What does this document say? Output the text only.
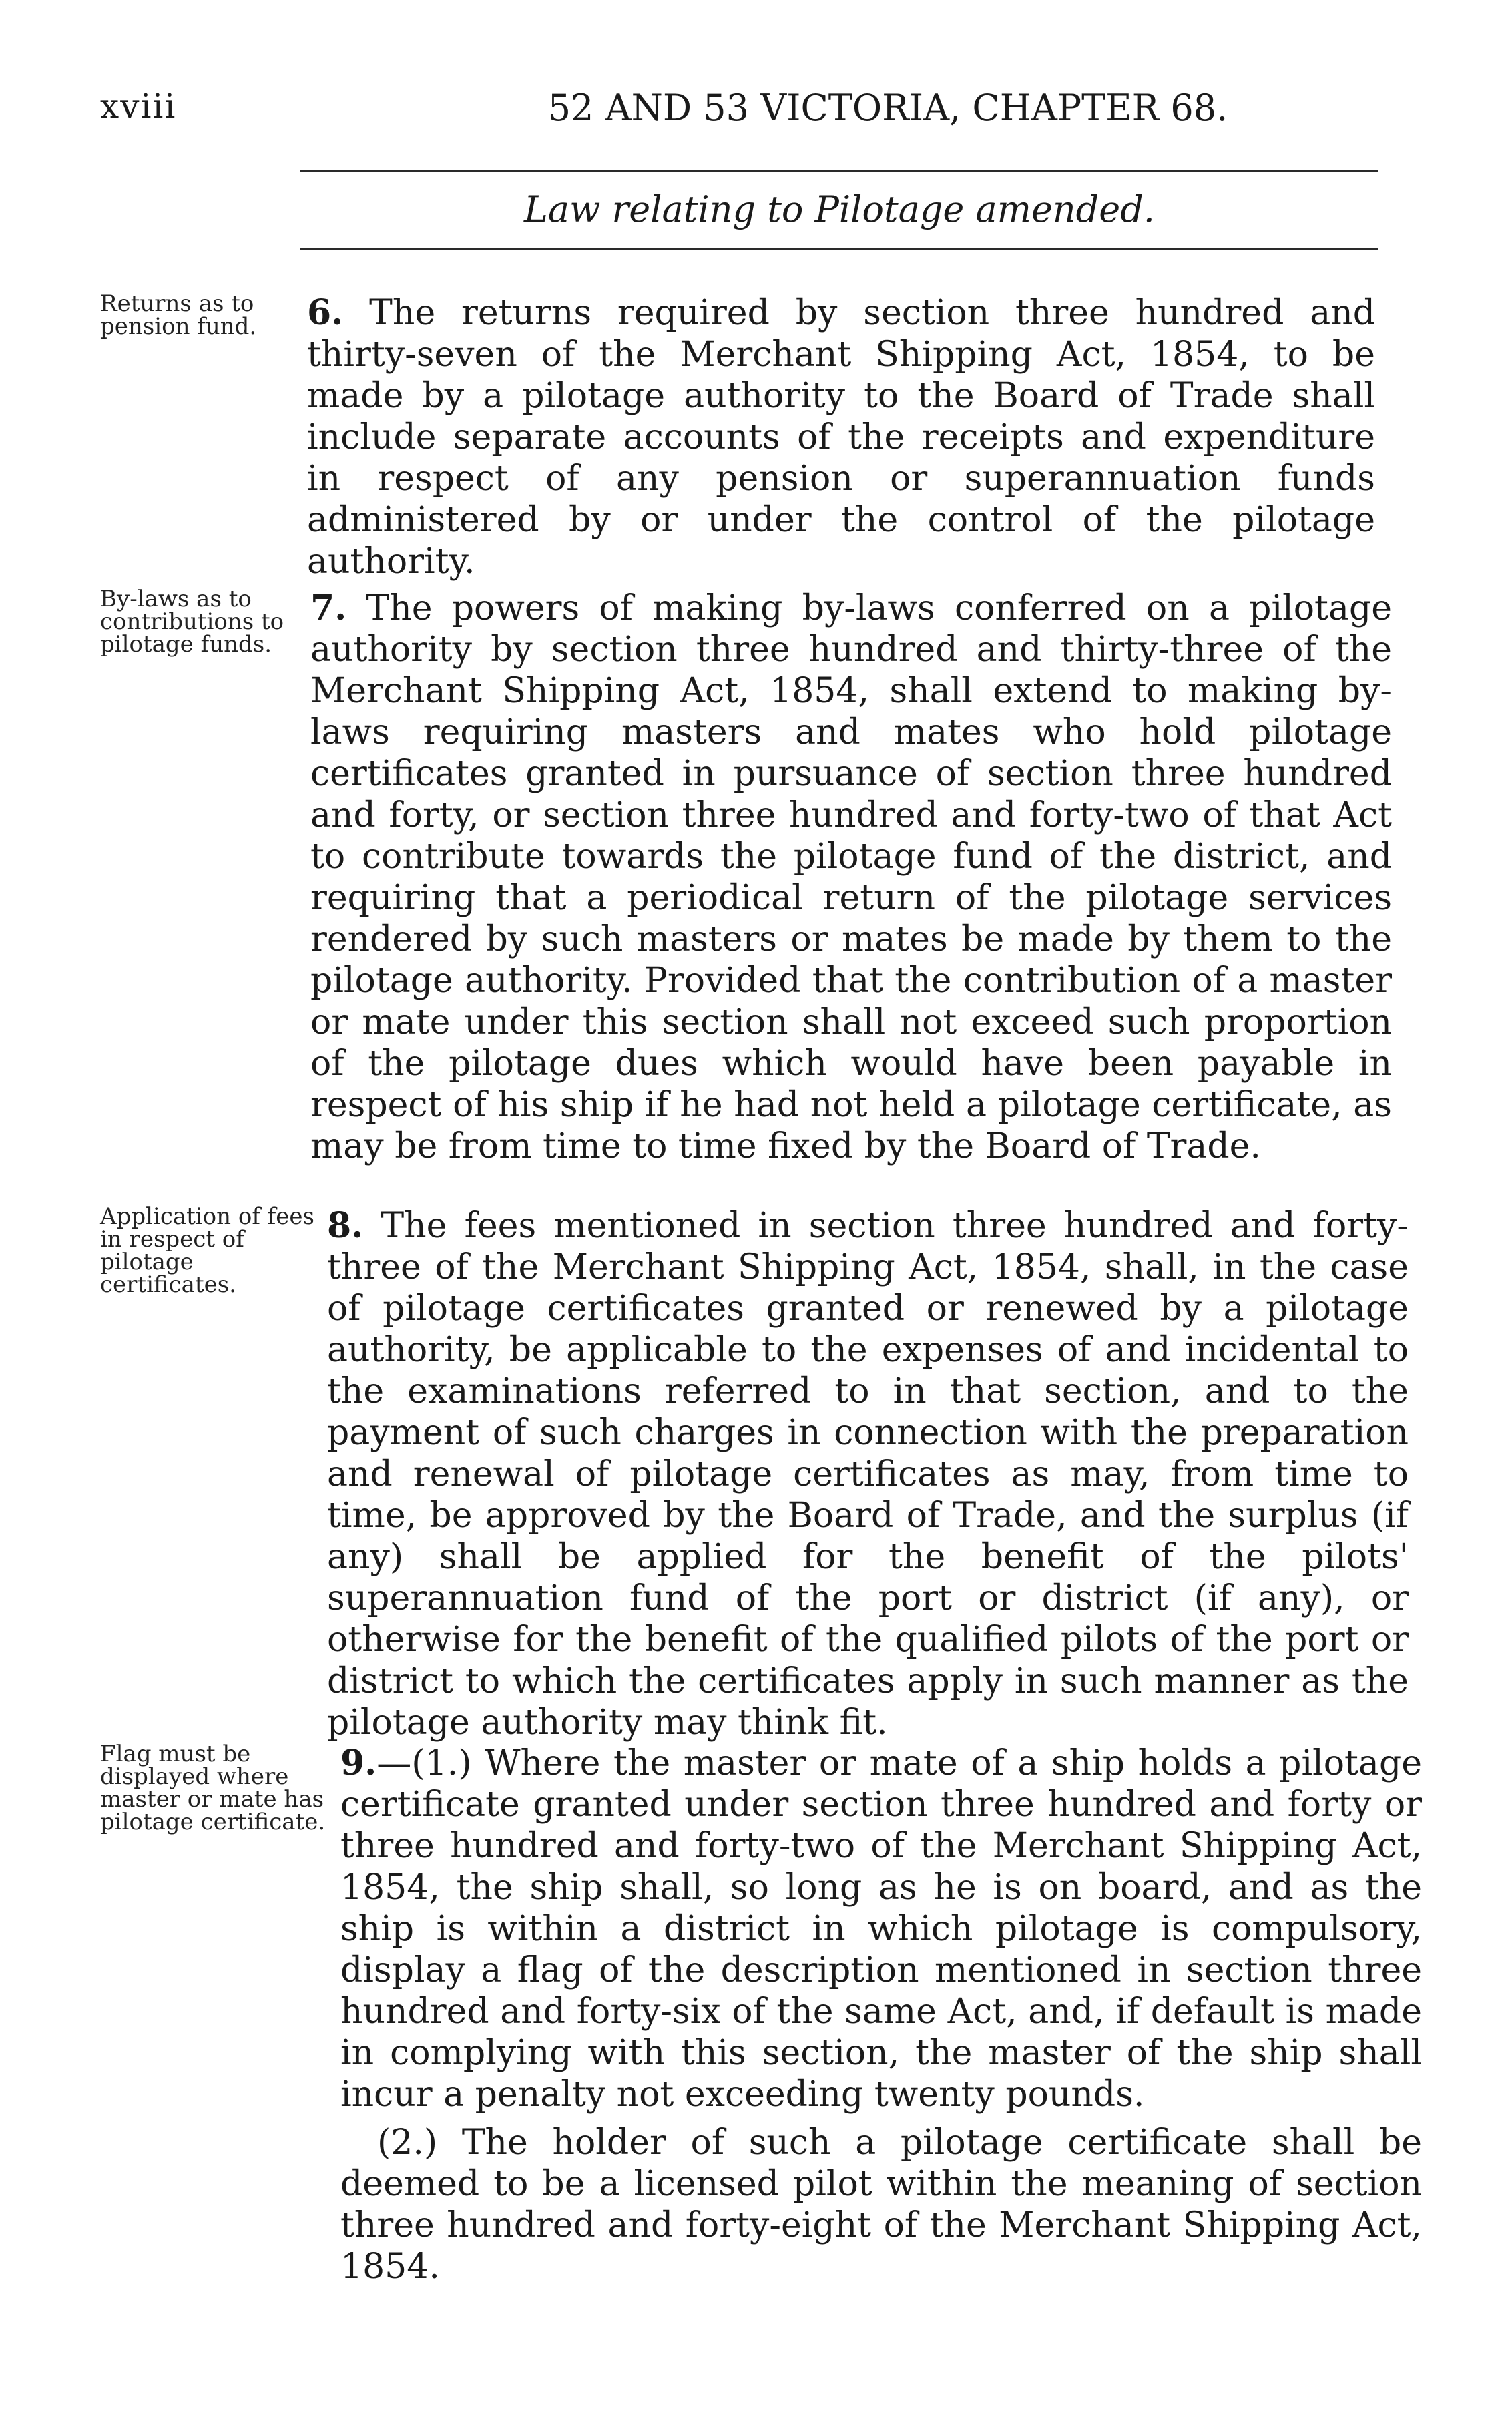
xviii	52 AND 53 VICTORIA, CHAPTER 68.
Law relating to Pilotage amended.
Returns as to pension fund.	6. The returns required by section three hundred and thirty-seven of the Merchant Shipping Act, 1854, to be made by a pilotage authority to the Board of Trade shall include separate accounts of the receipts and expenditure in respect of any pension or superannuation funds administered by or under the control of the pilotage authority.
By-laws as to contributions to pilotage funds.
7. The powers of making by-laws conferred on a pilotage authority by section three hundred and thirty-three of the Merchant Shipping Act, 1854, shall extend to making by-laws requiring masters and mates who hold pilotage certificates granted in pursuance of section three hundred and forty, or section three hundred and forty-two of that Act to contribute towards the pilotage fund of the district, and requiring that a periodical return of the pilotage services rendered by such masters or mates be made by them to the pilotage authority. Provided that the contribution of a master or mate under this section shall not exceed such proportion of the pilotage dues which would have been payable in respect of his ship if he had not held a pilotage certificate, as may be from time to time fixed by the Board of Trade.
Application of fees in respect of pilotage certificates.
8. The fees mentioned in section three hundred and forty-three of the Merchant Shipping Act, 1854, shall, in the case of pilotage certificates granted or renewed by a pilotage authority, be applicable to the expenses of and incidental to the examinations referred to in that section, and to the payment of such charges in connection with the preparation and renewal of pilotage certificates as may, from time to time, be approved by the Board of Trade, and the surplus (if any) shall be applied for the benefit of the pilots' superannuation fund of the port or district (if any), or otherwise for the benefit of the qualified pilots of the port or district to which the certificates apply in such manner as the pilotage authority may think fit.
Flag must be displayed where master or mate has pilotage certificate.
9.—(1.) Where the master or mate of a ship holds a pilotage certificate granted under section three hundred and forty or three hundred and forty-two of the Merchant Shipping Act, 1854, the ship shall, so long as he is on board, and as the ship is within a district in which pilotage is compulsory, display a flag of the description mentioned in section three hundred and forty-six of the same Act, and, if default is made in complying with this section, the master of the ship shall incur a penalty not exceeding twenty pounds.
(2.) The holder of such a pilotage certificate shall be deemed to be a licensed pilot within the meaning of section three hundred and forty-eight of the Merchant Shipping Act, 1854.
